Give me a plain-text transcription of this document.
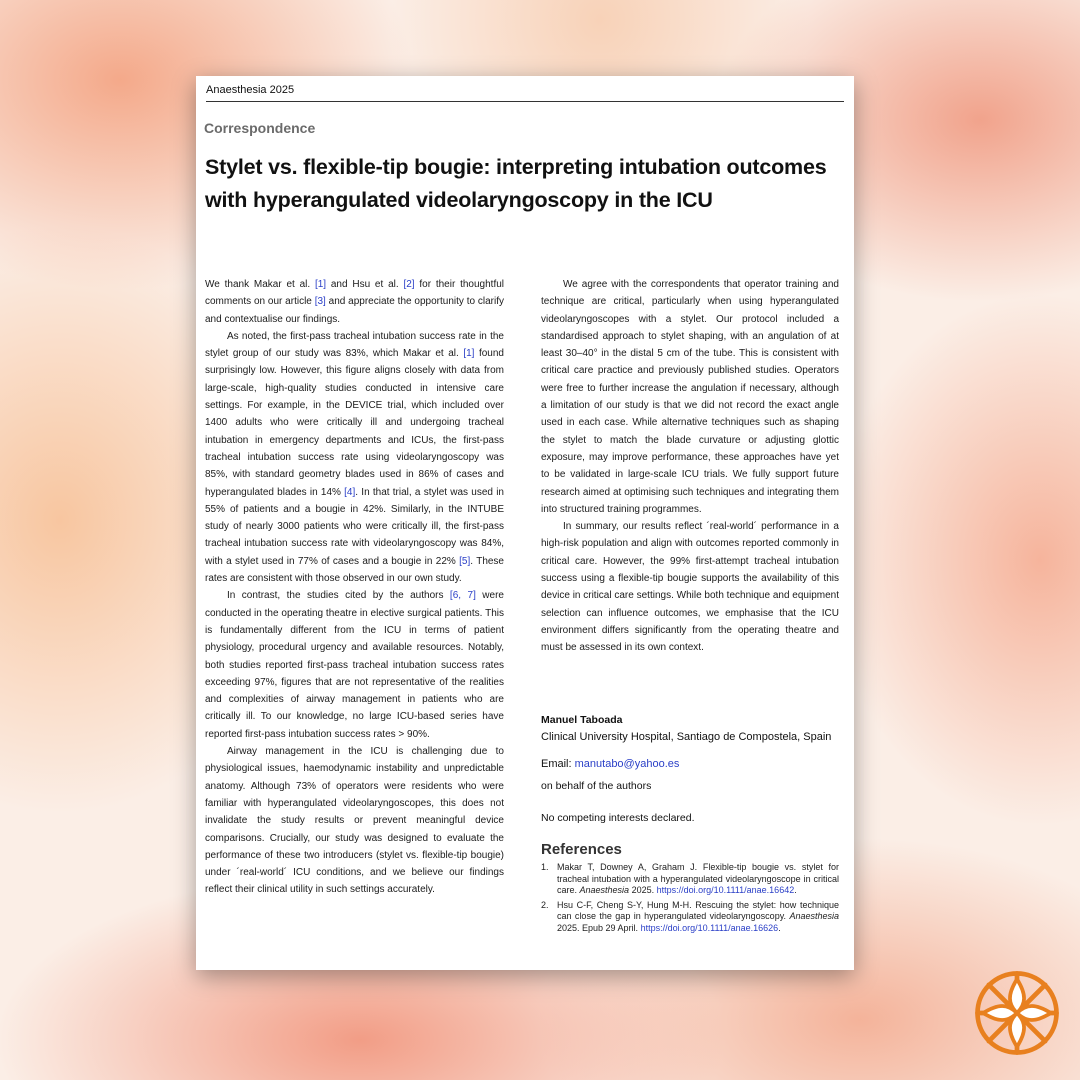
Anaesthesia 2025
Correspondence
Stylet vs. flexible-tip bougie: interpreting intubation outcomes with hyperangulated videolaryngoscopy in the ICU

We thank Makar et al. [1] and Hsu et al. [2] for their thoughtful comments on our article [3] and appreciate the opportunity to clarify and contextualise our findings.

As noted, the first-pass tracheal intubation success rate in the stylet group of our study was 83%, which Makar et al. [1] found surprisingly low. However, this figure aligns closely with data from large-scale, high-quality studies conducted in intensive care settings. For example, in the DEVICE trial, which included over 1400 adults who were critically ill and undergoing tracheal intubation in emergency departments and ICUs, the first-pass tracheal intubation success rate using videolaryngoscopy was 85%, with standard geometry blades used in 86% of cases and hyperangulated blades in 14% [4]. In that trial, a stylet was used in 55% of patients and a bougie in 42%. Similarly, in the INTUBE study of nearly 3000 patients who were critically ill, the first-pass tracheal intubation success rate with videolaryngoscopy was 84%, with a stylet used in 77% of cases and a bougie in 22% [5]. These rates are consistent with those observed in our own study.

In contrast, the studies cited by the authors [6, 7] were conducted in the operating theatre in elective surgical patients. This is fundamentally different from the ICU in terms of patient physiology, procedural urgency and available resources. Notably, both studies reported first-pass tracheal intubation success rates exceeding 97%, figures that are not representative of the realities and complexities of airway management in patients who are critically ill. To our knowledge, no large ICU-based series have reported first-pass intubation success rates > 90%.

Airway management in the ICU is challenging due to physiological issues, haemodynamic instability and unpredictable anatomy. Although 73% of operators were residents who were familiar with hyperangulated videolaryngoscopes, this does not invalidate the study results or prevent meaningful device comparisons. Crucially, our study was designed to evaluate the performance of these two introducers (stylet vs. flexible-tip bougie) under ´real-world´ ICU conditions, and we believe our findings reflect their clinical utility in such settings accurately.

We agree with the correspondents that operator training and technique are critical, particularly when using hyperangulated videolaryngoscopes with a stylet. Our protocol included a standardised approach to stylet shaping, with an angulation of at least 30–40° in the distal 5 cm of the tube. This is consistent with critical care practice and previously published studies. Operators were free to further increase the angulation if necessary, although a limitation of our study is that we did not record the exact angle used in each case. While alternative techniques such as shaping the stylet to match the blade curvature or adjusting glottic exposure, may improve performance, these approaches have yet to be validated in large-scale ICU trials. We fully support future research aimed at optimising such techniques and integrating them into structured training programmes.

In summary, our results reflect ´real-world´ performance in a high-risk population and align with outcomes reported commonly in critical care. However, the 99% first-attempt tracheal intubation success using a flexible-tip bougie supports the availability of this device in critical care settings. While both technique and equipment selection can influence outcomes, we emphasise that the ICU environment differs significantly from the operating theatre and must be assessed in its own context.

Manuel Taboada
Clinical University Hospital, Santiago de Compostela, Spain
Email: manutabo@yahoo.es
on behalf of the authors
No competing interests declared.
References
1. Makar T, Downey A, Graham J. Flexible-tip bougie vs. stylet for tracheal intubation with a hyperangulated videolaryngoscope in critical care. Anaesthesia 2025. https://doi.org/10.1111/anae.16642.
2. Hsu C-F, Cheng S-Y, Hung M-H. Rescuing the stylet: how technique can close the gap in hyperangulated videolaryngoscopy. Anaesthesia 2025. Epub 29 April. https://doi.org/10.1111/anae.16626.
